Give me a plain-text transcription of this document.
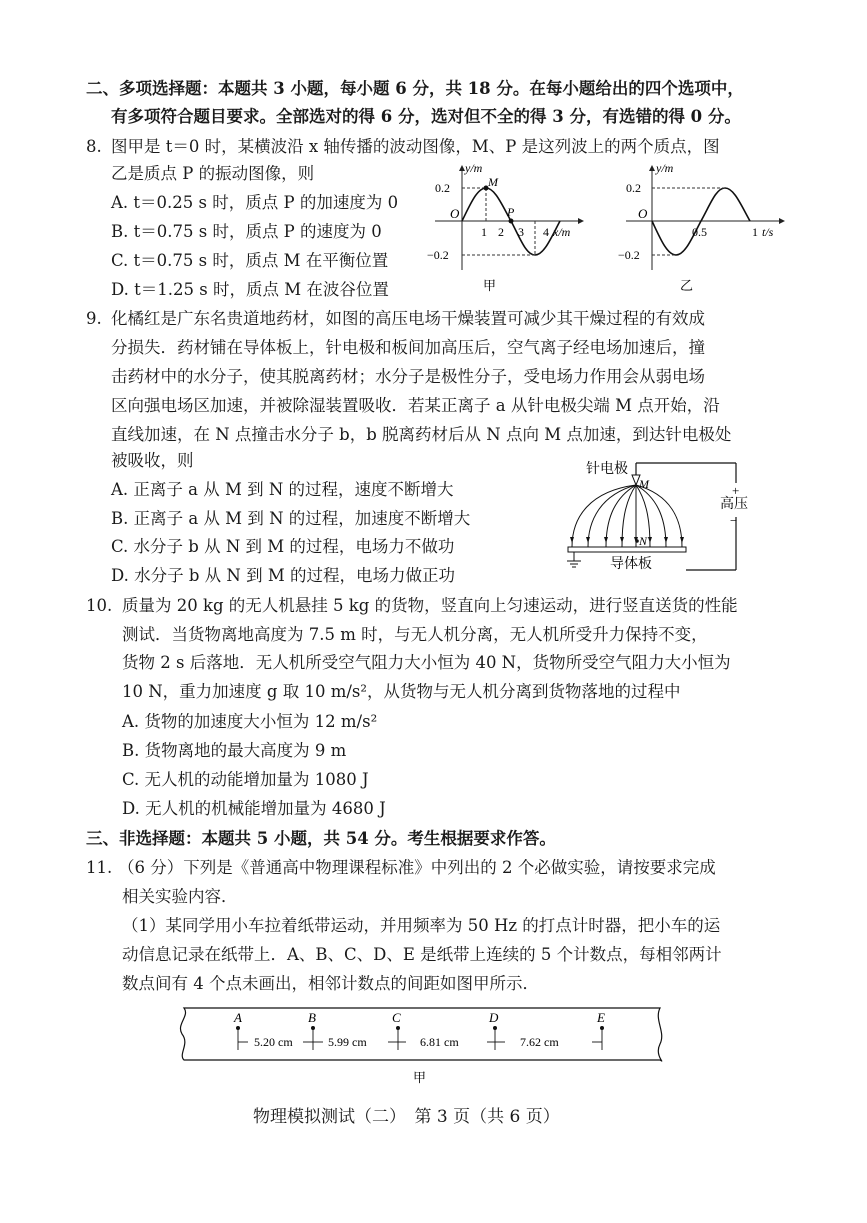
二、多项选择题：本题共 3 小题，每小题 6 分，共 18 分。在每小题给出的四个选项中，
有多项符合题目要求。全部选对的得 6 分，选对但不全的得 3 分，有选错的得 0 分。
8. 图甲是 t＝0 时，某横波沿 x 轴传播的波动图像，M、P 是这列波上的两个质点，图
乙是质点 P 的振动图像，则
A. t＝0.25 s 时，质点 P 的加速度为 0
B. t＝0.75 s 时，质点 P 的速度为 0
C. t＝0.75 s 时，质点 M 在平衡位置
D. t＝1.25 s 时，质点 M 在波谷位置
y/m
0.2
−0.2
O
M
P
1 2 3 4 x/m
甲
y/m
0.2
−0.2
O
0.5	1 t/s
乙
9. 化橘红是广东名贵道地药材，如图的高压电场干燥装置可减少其干燥过程的有效成
分损失．药材铺在导体板上，针电极和板间加高压后，空气离子经电场加速后，撞
击药材中的水分子，使其脱离药材；水分子是极性分子，受电场力作用会从弱电场
区向强电场区加速，并被除湿装置吸收．若某正离子 a 从针电极尖端 M 点开始，沿
直线加速，在 N 点撞击水分子 b，b 脱离药材后从 N 点向 M 点加速，到达针电极处
被吸收，则
A. 正离子 a 从 M 到 N 的过程，速度不断增大
B. 正离子 a 从 M 到 N 的过程，加速度不断增大
C. 水分子 b 从 N 到 M 的过程，电场力不做功
D. 水分子 b 从 N 到 M 的过程，电场力做正功
针电极
M
N
+
高压
−
导体板
10. 质量为 20 kg 的无人机悬挂 5 kg 的货物，竖直向上匀速运动，进行竖直送货的性能
测试．当货物离地高度为 7.5 m 时，与无人机分离，无人机所受升力保持不变，
货物 2 s 后落地．无人机所受空气阻力大小恒为 40 N，货物所受空气阻力大小恒为
10 N，重力加速度 g 取 10 m/s²，从货物与无人机分离到货物落地的过程中
A. 货物的加速度大小恒为 12 m/s²
B. 货物离地的最大高度为 9 m
C. 无人机的动能增加量为 1080 J
D. 无人机的机械能增加量为 4680 J
三、非选择题：本题共 5 小题，共 54 分。考生根据要求作答。
11. （6 分）下列是《普通高中物理课程标准》中列出的 2 个必做实验，请按要求完成
相关实验内容．
（1）某同学用小车拉着纸带运动，并用频率为 50 Hz 的打点计时器，把小车的运
动信息记录在纸带上．A、B、C、D、E 是纸带上连续的 5 个计数点，每相邻两计
数点间有 4 个点未画出，相邻计数点的间距如图甲所示．
A	B	C	D	E
5.20 cm	5.99 cm	6.81 cm	7.62 cm
甲
物理模拟测试（二）　第 3 页（共 6 页）
